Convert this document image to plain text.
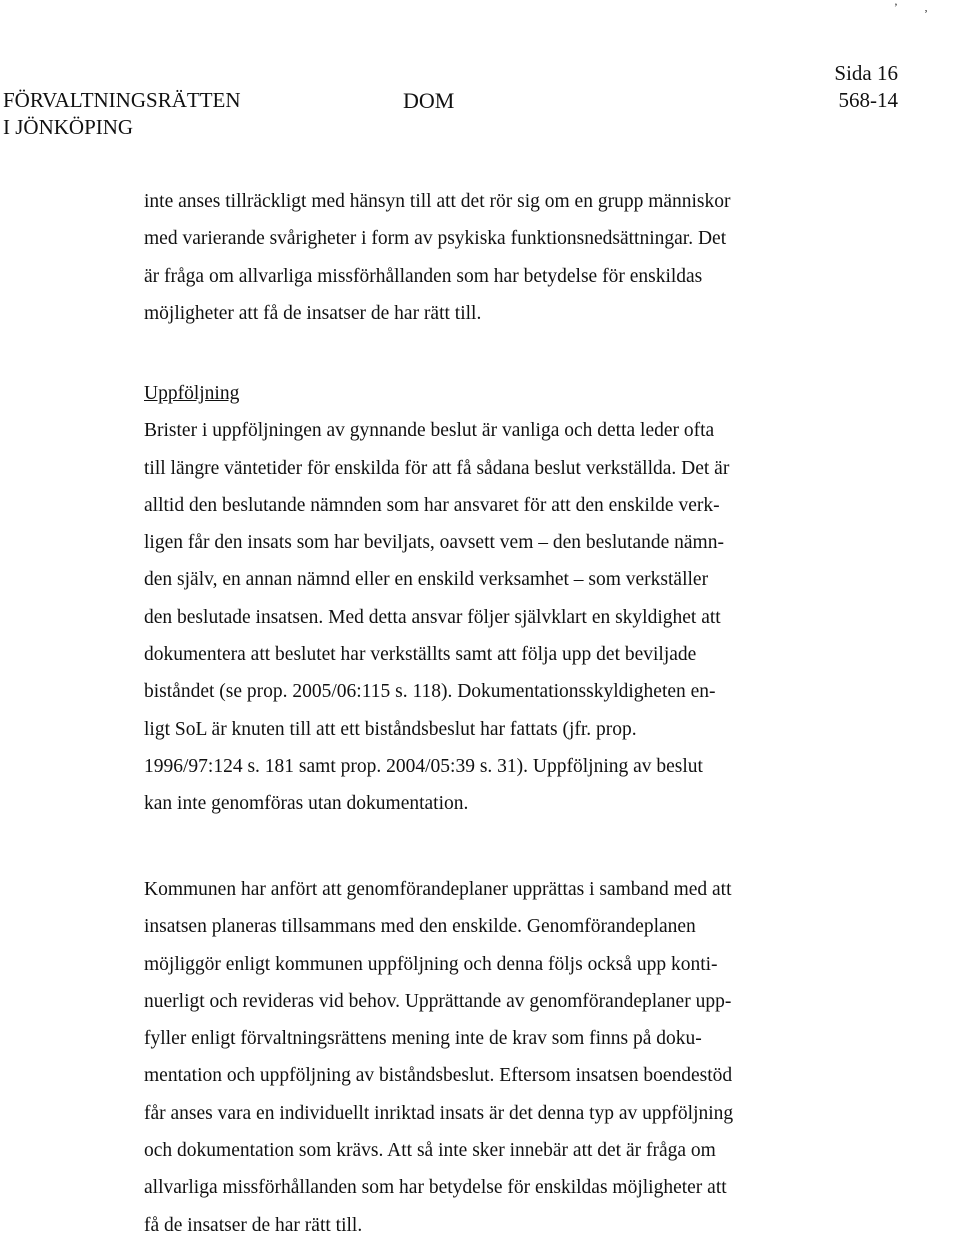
’ ‚
FÖRVALTNINGSRÄTTEN
I JÖNKÖPING
DOM
Sida 16
568-14
inte anses tillräckligt med hänsyn till att det rör sig om en grupp människor
med varierande svårigheter i form av psykiska funktionsnedsättningar. Det
är fråga om allvarliga missförhållanden som har betydelse för enskildas
möjligheter att få de insatser de har rätt till.
Uppföljning
Brister i uppföljningen av gynnande beslut är vanliga och detta leder ofta
till längre väntetider för enskilda för att få sådana beslut verkställda. Det är
alltid den beslutande nämnden som har ansvaret för att den enskilde verk-
ligen får den insats som har beviljats, oavsett vem – den beslutande nämn-
den själv, en annan nämnd eller en enskild verksamhet – som verkställer
den beslutade insatsen. Med detta ansvar följer självklart en skyldighet att
dokumentera att beslutet har verkställts samt att följa upp det beviljade
biståndet (se prop. 2005/06:115 s. 118). Dokumentationsskyldigheten en-
ligt SoL är knuten till att ett biståndsbeslut har fattats (jfr. prop.
1996/97:124 s. 181 samt prop. 2004/05:39 s. 31). Uppföljning av beslut
kan inte genomföras utan dokumentation.
Kommunen har anfört att genomförandeplaner upprättas i samband med att
insatsen planeras tillsammans med den enskilde. Genomförandeplanen
möjliggör enligt kommunen uppföljning och denna följs också upp konti-
nuerligt och revideras vid behov. Upprättande av genomförandeplaner upp-
fyller enligt förvaltningsrättens mening inte de krav som finns på doku-
mentation och uppföljning av biståndsbeslut. Eftersom insatsen boendestöd
får anses vara en individuellt inriktad insats är det denna typ av uppföljning
och dokumentation som krävs. Att så inte sker innebär att det är fråga om
allvarliga missförhållanden som har betydelse för enskildas möjligheter att
få de insatser de har rätt till.
